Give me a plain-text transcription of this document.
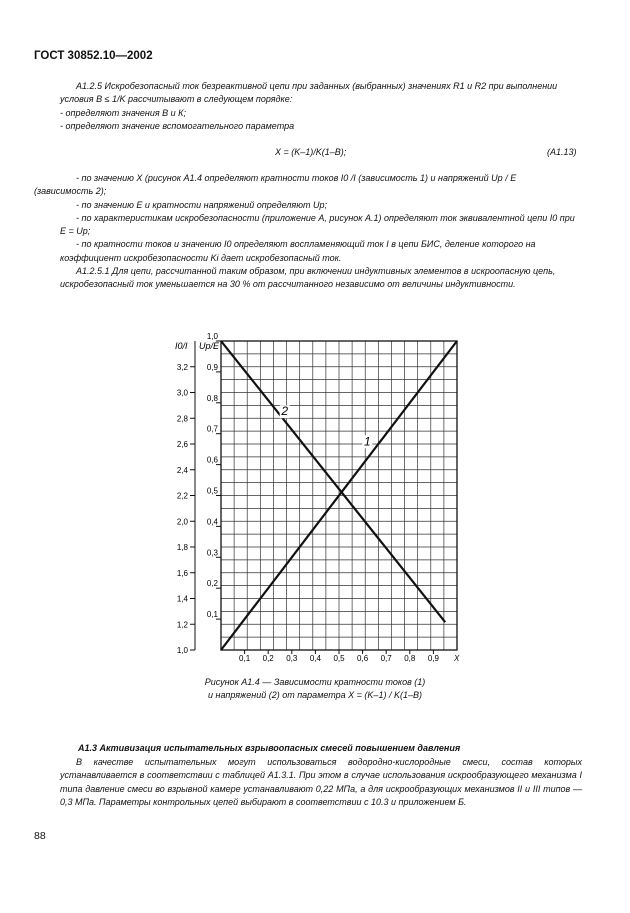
ГОСТ 30852.10—2002

А1.2.5 Искробезопасный ток безреактивной цепи при заданных (выбранных) значениях R1 и R2 при выполнении условия В ≤ 1/K рассчитывают в следующем порядке:

- определяют значения В и К;

- определяют значение вспомогательного параметра

X = (K–1)/K(1–B);	(А1.13)

- по значению X (рисунок А1.4 определяют кратности токов I0 /I (зависимость 1) и напряжений Up / E

(зависимость 2);

- по значению Е и кратности напряжений определяют Up;

- по характеристикам искробезопасности (приложение А, рисунок А.1) определяют ток эквивалентной цепи I0 при Е = Up;

- по кратности токов и значению I0 определяют воспламеняющий ток I в цепи БИС, деление которого на коэффициент искробезопасности Ki дает искробезопасный ток.

А1.2.5.1 Для цепи, рассчитанной таким образом, при включении индуктивных элементов в искроопасную цепь, искробезопасный ток уменьшается на 30 % от рассчитанного независимо от величины индуктивности.

1,0
1,2
1,4
1,6
1,8
2,0
2,2
2,4
2,6
2,8
3,0
3,2
0,1
0,2
0,3
0,4
0,5
0,6
0,7
0,8
0,9
1,0
I0/I Up/E
0,1 0,2 0,3 0,4 0,5 0,6 0,7 0,8 0,9 X
1
2
Рисунок А1.4 — Зависимости кратности токов (1)
и напряжений (2) от параметра X = (K–1) / K(1–B)
А1.3 Активизация испытательных взрывоопасных смесей повышением давления
В качестве испытательных могут использоваться водородно-кислородные смеси, состав которых устанавливается в соответствии с таблицей А1.3.1. При этом в случае использования искрообразующего механизма I типа давление смеси во взрывной камере устанавливают 0,22 МПа, а для искрообразующих механизмов II и III типов — 0,3 МПа. Параметры контрольных цепей выбирают в соответствии с 10.3 и приложением Б.
88
